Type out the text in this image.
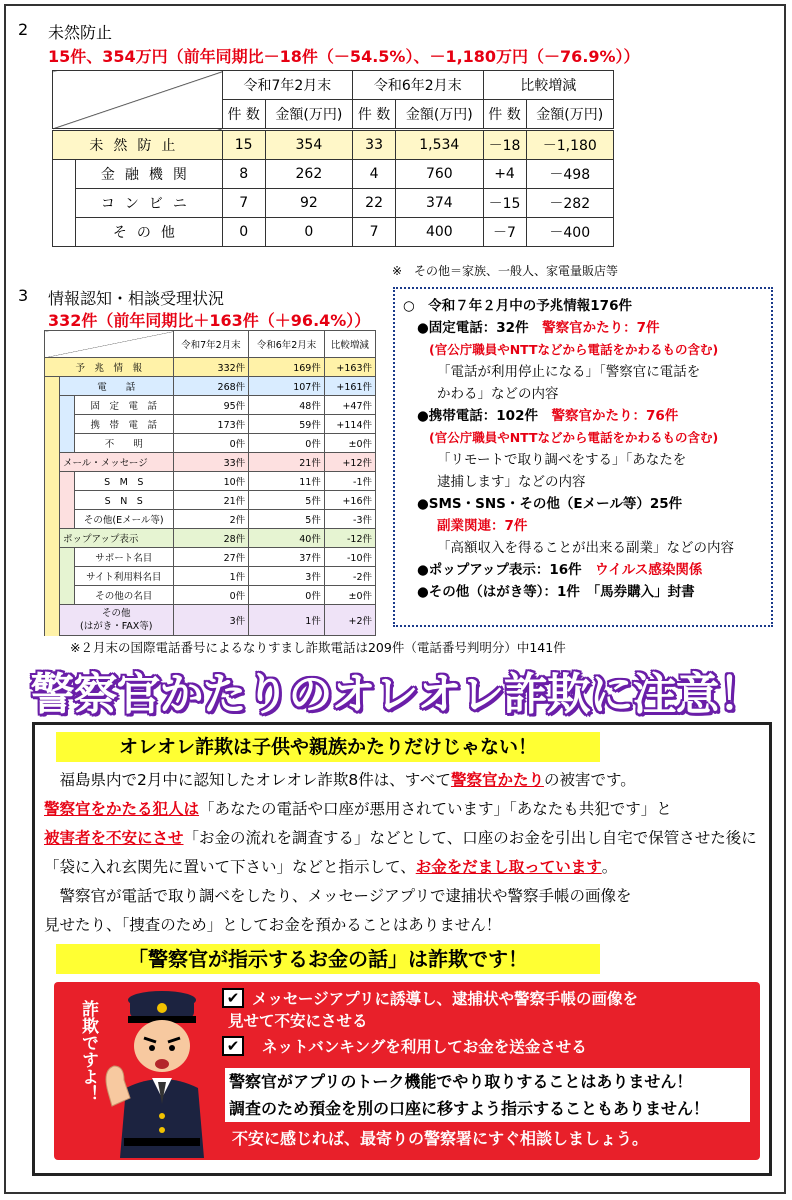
2 未然防止
15件、354万円（前年同期比－18件（－54.5%）、－1,180万円（－76.9%））
		令和7年2月末		令和6年2月末		比較増減	
		件 数	金額(万円)	件 数	金額(万円)	件 数	金額(万円)
未然防止		15	354	33	1,534	－18	－1,180
	金融機関	8	262	4	760	+4	－498
	コンビニ	7	92	22	374	－15	－282
	その他	0	0	7	400	－7	－400
※　その他＝家族、一般人、家電量販店等
3 情報認知・相談受理状況
332件（前年同期比＋163件（＋96.4%））
			令和7年2月末	令和6年2月末	比較増減
予　兆　情　報			332件	169件	+163件
	電　　話		268件	107件	+161件
		固　定　電　話	95件	48件	+47件
		携　帯　電　話	173件	59件	+114件
		不　　明	0件	0件	±0件
	メール・メッセージ		33件	21件	+12件
		S　M　S	10件	11件	-1件
		S　N　S	21件	5件	+16件
		その他(Eメール等)	2件	5件	-3件
	ポップアップ表示		28件	40件	-12件
		サポート名目	27件	37件	-10件
		サイト利用料名目	1件	3件	-2件
		その他の名目	0件	0件	±0件
	その他
(はがき・FAX等)		3件	1件	+2件
○　令和７年２月中の予兆情報176件
●固定電話：32件　 警察官かたり：7件
(官公庁職員やNTTなどから電話をかわるもの含む)
「電話が利用停止になる」「警察官に電話を
かわる」などの内容
●携帯電話：102件　 警察官かたり：76件
(官公庁職員やNTTなどから電話をかわるもの含む)
「リモートで取り調べをする」「あなたを
逮捕します」などの内容
●SMS・SNS・その他（Eメール等）25件
副業関連：7件
「高額収入を得ることが出来る副業」などの内容
●ポップアップ表示：16件　 ウイルス感染関係
●その他（はがき等）：1件　「馬券購入」封書
※２月末の国際電話番号によるなりすまし詐欺電話は209件（電話番号判明分）中141件
警察官かたりのオレオレ詐欺に注意！
オレオレ詐欺は子供や親族かたりだけじゃない！
　福島県内で2月中に認知したオレオレ詐欺8件は、すべて警察官かたりの被害です。
警察官をかたる犯人は「あなたの電話や口座が悪用されています」「あなたも共犯です」と
被害者を不安にさせ「お金の流れを調査する」などとして、口座のお金を引出し自宅で保管させた後に
「袋に入れ玄関先に置いて下さい」などと指示して、お金をだまし取っています。
　警察官が電話で取り調べをしたり、メッセージアプリで逮捕状や警察手帳の画像を
見せたり、「捜査のため」としてお金を預かることはありません！
「警察官が指示するお金の話」は詐欺です！
詐欺ですよ！
✔ メッセージアプリに誘導し、逮捕状や警察手帳の画像を
見せて不安にさせる
✔	ネットバンキングを利用してお金を送金させる
警察官がアプリのトーク機能でやり取りすることはありません！
調査のため預金を別の口座に移すよう指示することもありません！
不安に感じれば、最寄りの警察署にすぐ相談しましょう。
